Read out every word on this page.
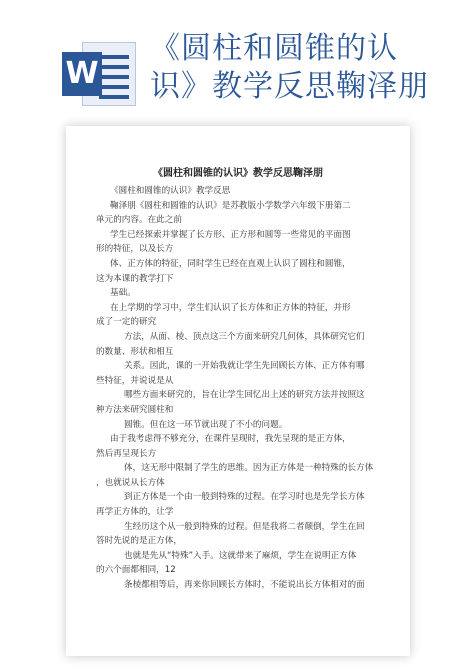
W
《圆柱和圆锥的认
识》教学反思鞠泽朋
《圆柱和圆锥的认识》教学反思鞠泽朋
《圆柱和圆锥的认识》教学反思
鞠泽朋《圆柱和圆锥的认识》是苏教版小学数学六年级下册第二
单元的内容。在此之前
学生已经探索并掌握了长方形、正方形和圆等一些常见的平面图
形的特征，以及长方
体、正方体的特征，同时学生已经在直观上认识了圆柱和圆锥，
这为本课的教学打下
基础。
在上学期的学习中，学生们认识了长方体和正方体的特征，并形
成了一定的研究
方法，从面、棱、顶点这三个方面来研究几何体，具体研究它们
的数量、形状和相互
关系。因此，课的一开始我就让学生先回顾长方体、正方体有哪
些特征，并说说是从
哪些方面来研究的，旨在让学生回忆出上述的研究方法并按照这
种方法来研究圆柱和
圆锥。但在这一环节就出现了不小的问题。
由于我考虑得不够充分，在课件呈现时，我先呈现的是正方体，
然后再呈现长方
体，这无形中限制了学生的思维。因为正方体是一种特殊的长方体
，也就说从长方体
到正方体是一个由一般到特殊的过程。在学习时也是先学长方体
再学正方体的，让学
生经历这个从一般到特殊的过程。但是我将二者颠倒，学生在回
答时先说的是正方体，
也就是先从“特殊”入手。这就带来了麻烦，学生在说明正方体
的六个面都相同，12
条棱都相等后，再来你回顾长方体时，不能说出长方体相对的面
